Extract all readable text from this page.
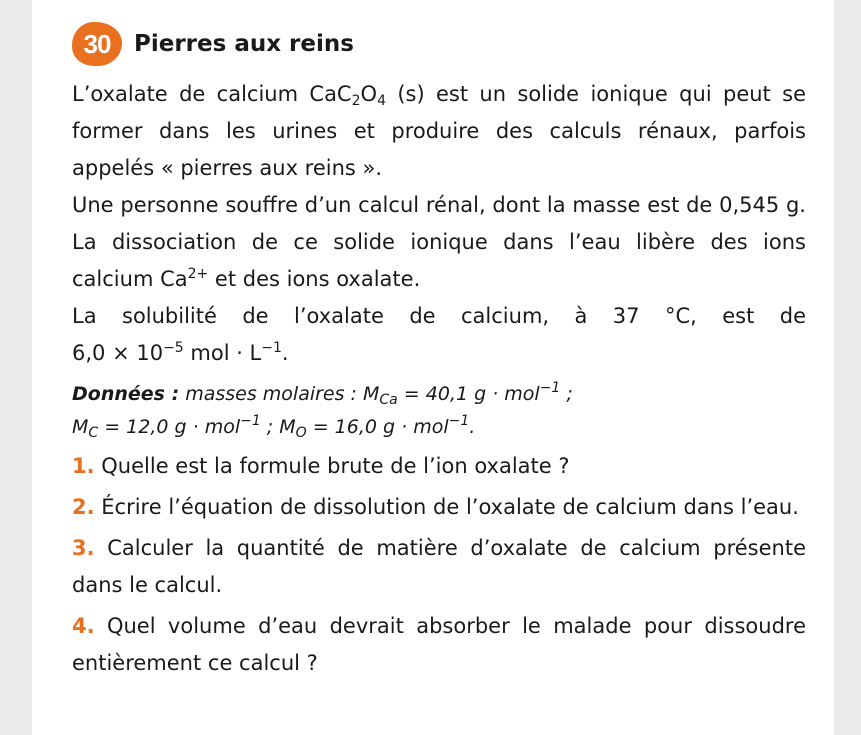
30	Pierres aux reins

L’oxalate de calcium $CaC_2O_4$ (s) est un solide ionique qui peut se former dans les urines et produire des calculs rénaux, parfois appelés « pierres aux reins ».

Une personne souffre d’un calcul rénal, dont la masse est de 0,545 g. La dissociation de ce solide ionique dans l’eau libère des ions calcium $Ca^{2+}$ et des ions oxalate.

La solubilité de l’oxalate de calcium, à 37 °C, est de

$6,0 \times 10^{-5}$ mol · $L^{-1}$.

Données : masses molaires : $M_{Ca} = 40,1$ g · mol$^{-1}$ ;
$M_C = 12,0$ g · mol$^{-1}$ ; $M_O = 16,0$ g · mol$^{-1}$.

1. Quelle est la formule brute de l’ion oxalate ?

2. Écrire l’équation de dissolution de l’oxalate de calcium dans l’eau.

3. Calculer la quantité de matière d’oxalate de calcium présente dans le calcul.

4. Quel volume d’eau devrait absorber le malade pour dissoudre entièrement ce calcul ?
